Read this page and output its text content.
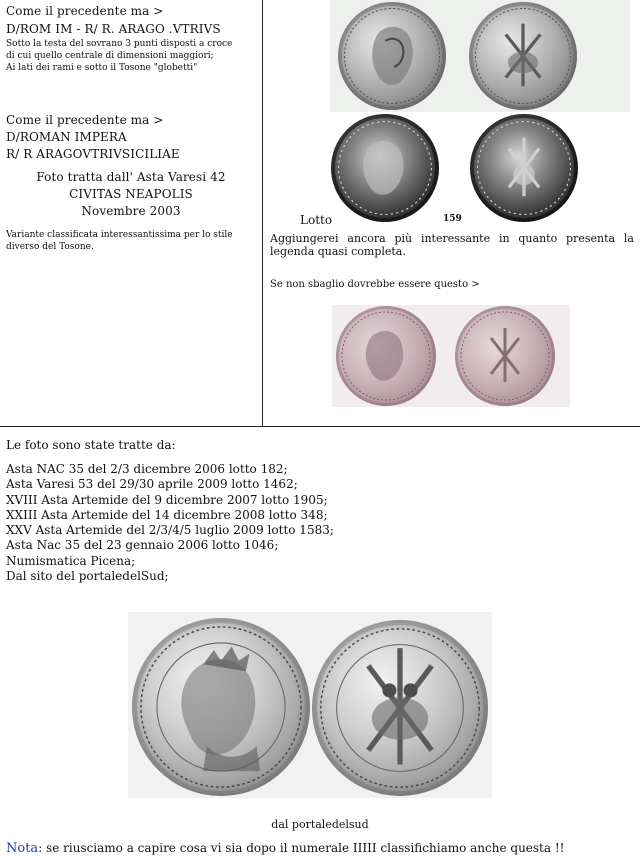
Come il precedente ma >
D/ROM IM - R/ R. ARAGO .VTRIVS
Sotto la testa del sovrano 3 punti disposti a croce
di cui quello centrale di dimensioni maggiori;
Ai lati dei rami e sotto il Tosone "globetti"
Come il precedente ma >
D/ROMAN IMPERA
R/ R ARAGOVTRIVSICILIAE
Foto tratta dall' Asta Varesi 42
CIVITAS NEAPOLIS
Novembre 2003
Variante classificata interessantissima per lo stile
diverso del Tosone.
Lotto	159
Aggiungerei ancora più interessante in quanto presenta la
legenda quasi completa.
Se non sbaglio dovrebbe essere questo >
Le foto sono state tratte da:
Asta NAC 35 del 2/3 dicembre 2006 lotto 182;
Asta Varesi 53 del 29/30 aprile 2009 lotto 1462;
XVIII Asta Artemide del 9 dicembre 2007 lotto 1905;
XXIII Asta Artemide del 14 dicembre 2008 lotto 348;
XXV Asta Artemide del 2/3/4/5 luglio 2009 lotto 1583;
Asta Nac 35 del 23 gennaio 2006 lotto 1046;
Numismatica Picena;
Dal sito del portaledelSud;
dal portaledelsud
Nota: se riusciamo a capire cosa vi sia dopo il numerale IIIII classifichiamo anche questa !!
